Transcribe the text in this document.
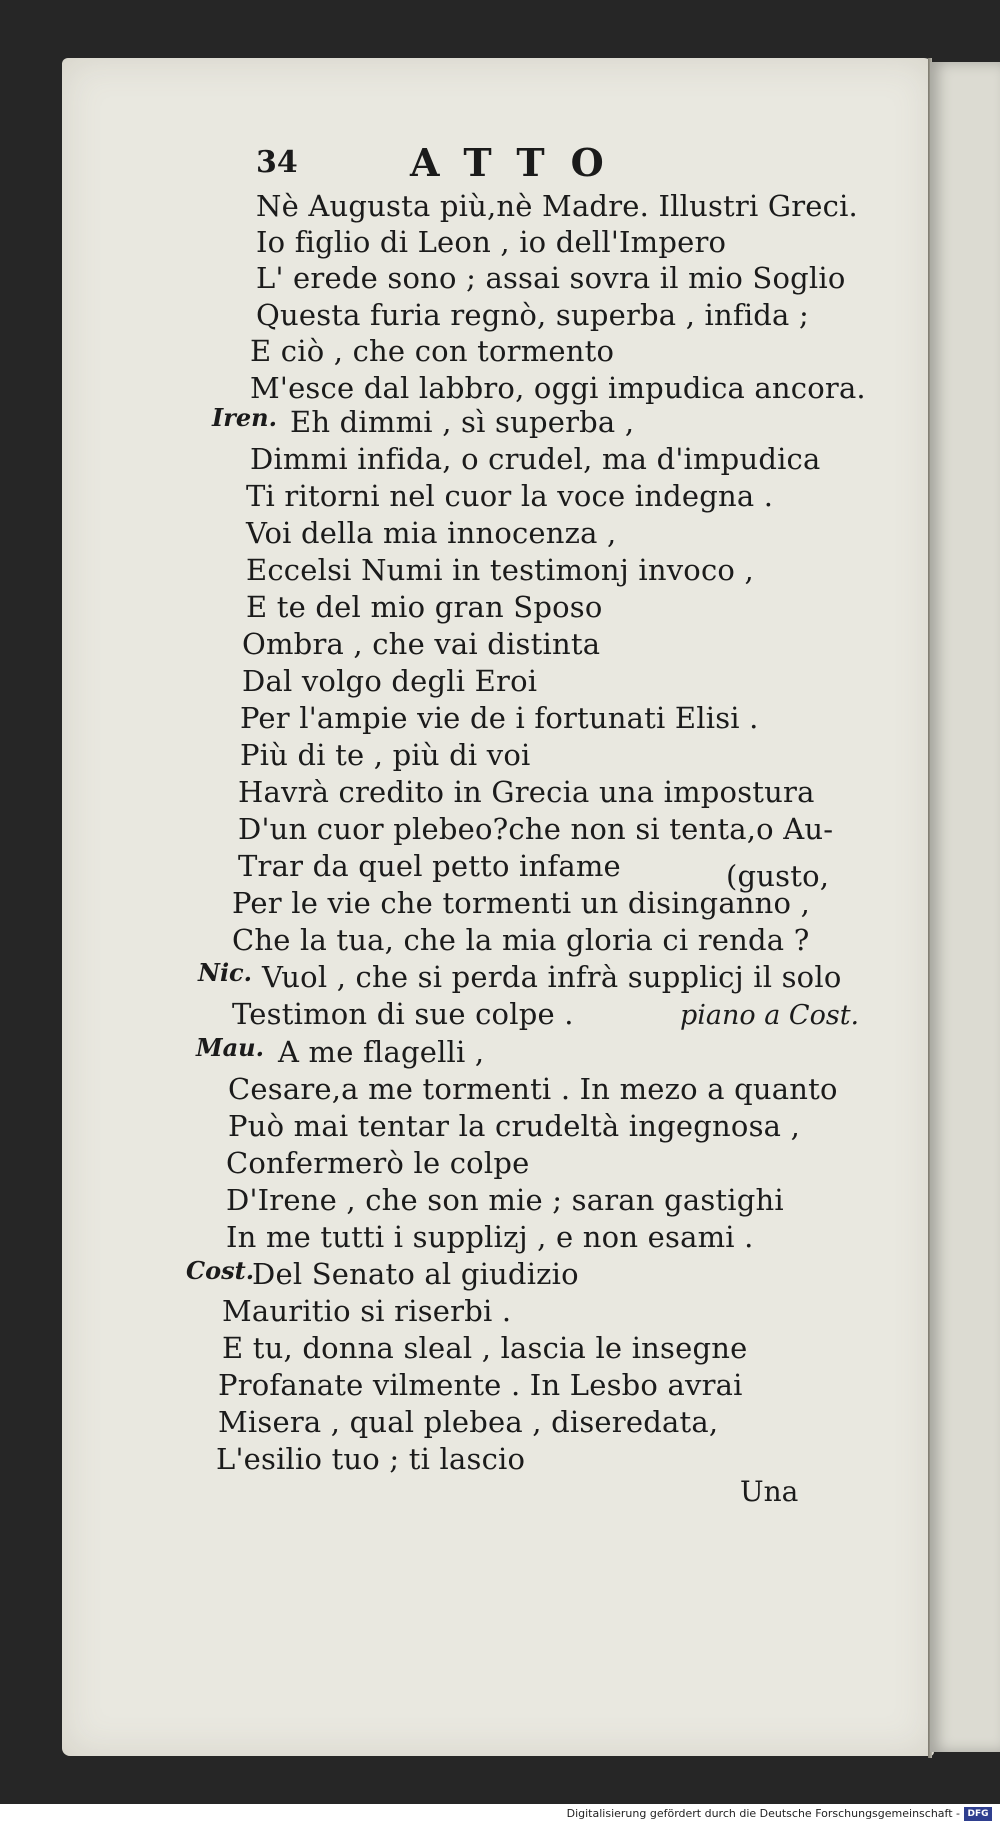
34	ATTO
Nè Augusta più,nè Madre. Illustri Greci.
Io figlio di Leon , io dell'Impero
L' erede sono ; assai sovra il mio Soglio
Questa furia regnò, superba , infida ;
E ciò , che con tormento
M'esce dal labbro, oggi impudica ancora.
Iren. Eh dimmi , sì superba ,
Dimmi infida, o crudel, ma d'impudica
Ti ritorni nel cuor la voce indegna .
Voi della mia innocenza ,
Eccelsi Numi in testimonj invoco ,
E te del mio gran Sposo
Ombra , che vai distinta
Dal volgo degli Eroi
Per l'ampie vie de i fortunati Elisi .
Più di te , più di voi
Havrà credito in Grecia una impostura
D'un cuor plebeo?che non si tenta,o Au-
Trar da quel petto infame	(gusto,
Per le vie che tormenti un disinganno ,
Che la tua, che la mia gloria ci renda ?
Nic. Vuol , che si perda infrà supplicj il solo
Testimon di sue colpe .	piano a Cost.
Mau. A me flagelli ,
Cesare,a me tormenti . In mezo a quanto
Può mai tentar la crudeltà ingegnosa ,
Confermerò le colpe
D'Irene , che son mie ; saran gastighi
In me tutti i supplizj , e non esami .
Cost.
Del Senato al giudizio
Mauritio si riserbi .
E tu, donna sleal , lascia le insegne
Profanate vilmente . In Lesbo avrai
Misera , qual plebea , diseredata,
L'esilio tuo ; ti lascio
Una
Digitalisierung gefördert durch die Deutsche Forschungsgemeinschaft - DFG
